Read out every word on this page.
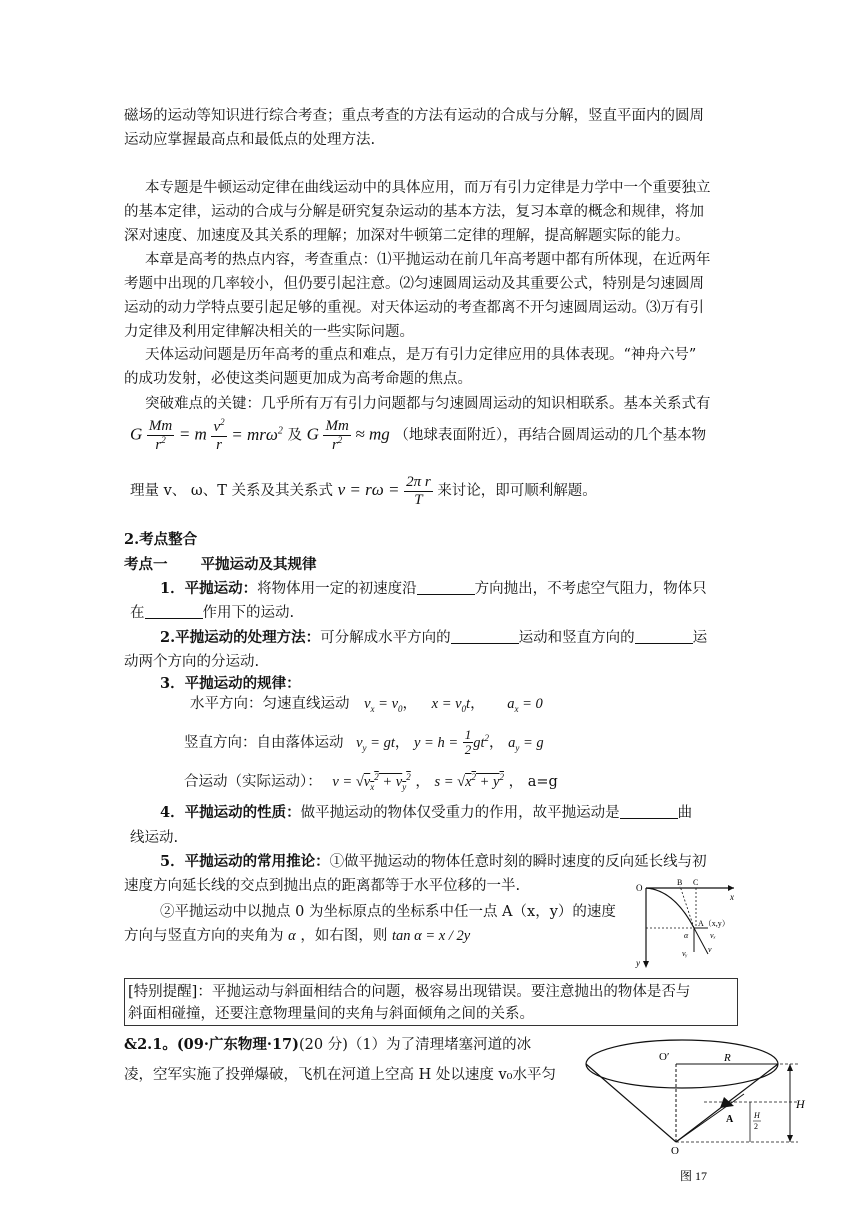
磁场的运动等知识进行综合考查；重点考查的方法有运动的合成与分解，竖直平面内的圆周
运动应掌握最高点和最低点的处理方法.
本专题是牛顿运动定律在曲线运动中的具体应用，而万有引力定律是力学中一个重要独立
的基本定律，运动的合成与分解是研究复杂运动的基本方法，复习本章的概念和规律，将加
深对速度、加速度及其关系的理解；加深对牛顿第二定律的理解，提高解题实际的能力。
本章是高考的热点内容，考查重点：⑴平抛运动在前几年高考题中都有所体现，在近两年
考题中出现的几率较小，但仍要引起注意。⑵匀速圆周运动及其重要公式，特别是匀速圆周
运动的动力学特点要引起足够的重视。对天体运动的考查都离不开匀速圆周运动。⑶万有引
力定律及利用定律解决相关的一些实际问题。
天体运动问题是历年高考的重点和难点，是万有引力定律应用的具体表现。“神舟六号”
的成功发射，必使这类问题更加成为高考命题的焦点。
突破难点的关键：几乎所有万有引力问题都与匀速圆周运动的知识相联系。基本关系式有
G $\frac{Mm}{r^2} = m \frac{v^2}{r} = mr\omega^2$ 及 G $\frac{Mm}{r^2}$ ≈ mg （地球表面附近），再结合圆周运动的几个基本物
理量 v、 ω、T 关系及其关系式 $v = r\omega = \frac{\text{2π r}}{T}$ 来讨论，即可顺利解题。
2.考点整合
考点一 平抛运动及其规律
1．平抛运动：将物体用一定的初速度沿	方向抛出，不考虑空气阻力，物体只
在	作用下的运动.
2.平抛运动的处理方法：可分解成水平方向的	运动和竖直方向的	运
动两个方向的分运动.
3．平抛运动的规律：
水平方向：匀速直线运动 $v_x = v_0$， $x = v_0t$， $a_x = 0$
竖直方向：自由落体运动 $v_y$ = gt， $y = h = \frac{1}{2} gt^2$， $a_y = g$
合运动（实际运动）： $v = √v_x^2 + v_y^2$ ， $s = √x^2 + y^2$ ， a=g
4．平抛运动的性质：做平抛运动的物体仅受重力的作用，故平抛运动是	曲
线运动.
5．平抛运动的常用推论：①做平抛运动的物体任意时刻的瞬时速度的反向延长线与初
速度方向延长线的交点到抛出点的距离都等于水平位移的一半.
②平抛运动中以抛点 0 为坐标原点的坐标系中任一点 A（x，y）的速度
方向与竖直方向的夹角为 α ，如右图，则 tan α = x / 2y
O
B C
x
y
A（x,y）
α	vₓ
vᵧ	v
[特别提醒]：平抛运动与斜面相结合的问题，极容易出现错误。要注意抛出的物体是否与
斜面相碰撞，还要注意物理量间的夹角与斜面倾角之间的关系。
&2.1。(09·广东物理·17)(20 分)（1）为了清理堵塞河道的冰
凌，空军实施了投弹爆破，飞机在河道上空高 H 处以速度 v₀水平匀
O′	R
H
A	H
2
O
图 17
